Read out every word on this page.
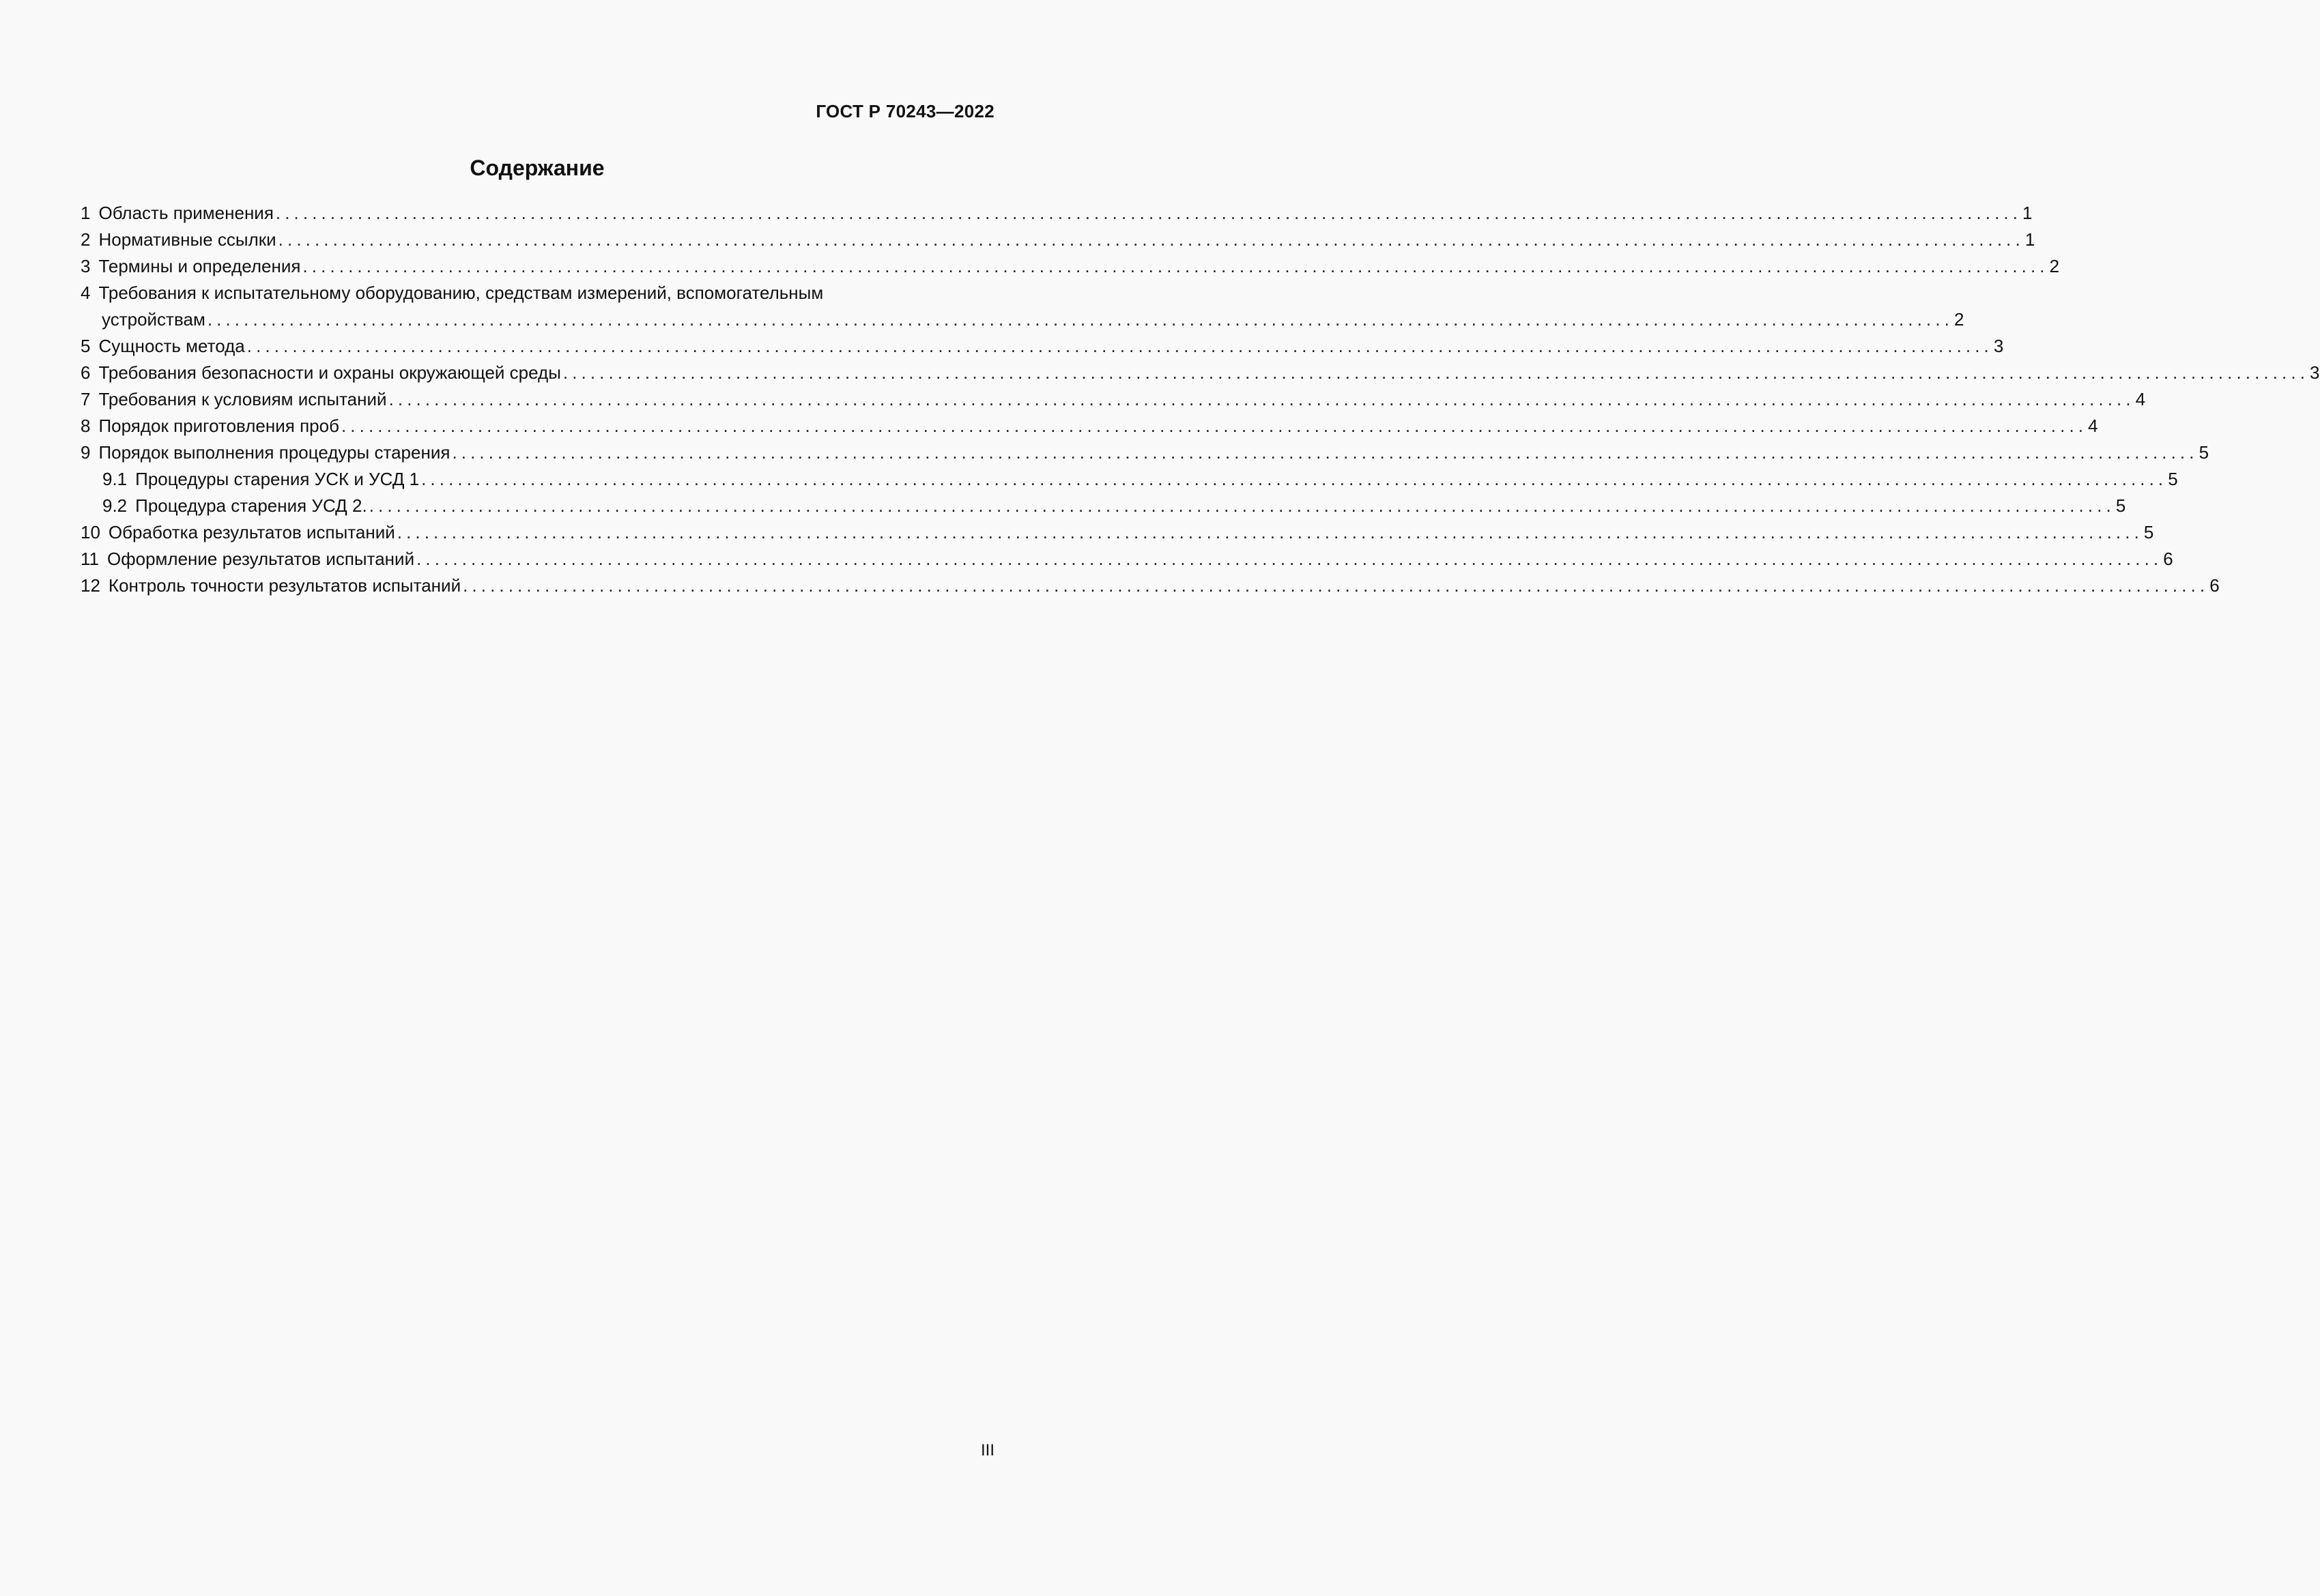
ГОСТ Р 70243—2022
Содержание
1 Область применения ................................................................................................................................................................................................ 1
2 Нормативные ссылки ................................................................................................................................................................................................ 1
3 Термины и определения ................................................................................................................................................................................................ 2
4 Требования к испытательному оборудованию, средствам измерений, вспомогательным
устройствам ................................................................................................................................................................................................ 2
5 Сущность метода ................................................................................................................................................................................................ 3
6 Требования безопасности и охраны окружающей среды ................................................................................................................................................................................................ 3
7 Требования к условиям испытаний ................................................................................................................................................................................................ 4
8 Порядок приготовления проб ................................................................................................................................................................................................ 4
9 Порядок выполнения процедуры старения ................................................................................................................................................................................................ 5
9.1 Процедуры старения УСК и УСД 1 ................................................................................................................................................................................................ 5
9.2 Процедура старения УСД 2. ................................................................................................................................................................................................ 5
10 Обработка результатов испытаний ................................................................................................................................................................................................ 5
11 Оформление результатов испытаний ................................................................................................................................................................................................ 6
12 Контроль точности результатов испытаний ................................................................................................................................................................................................ 6
III
